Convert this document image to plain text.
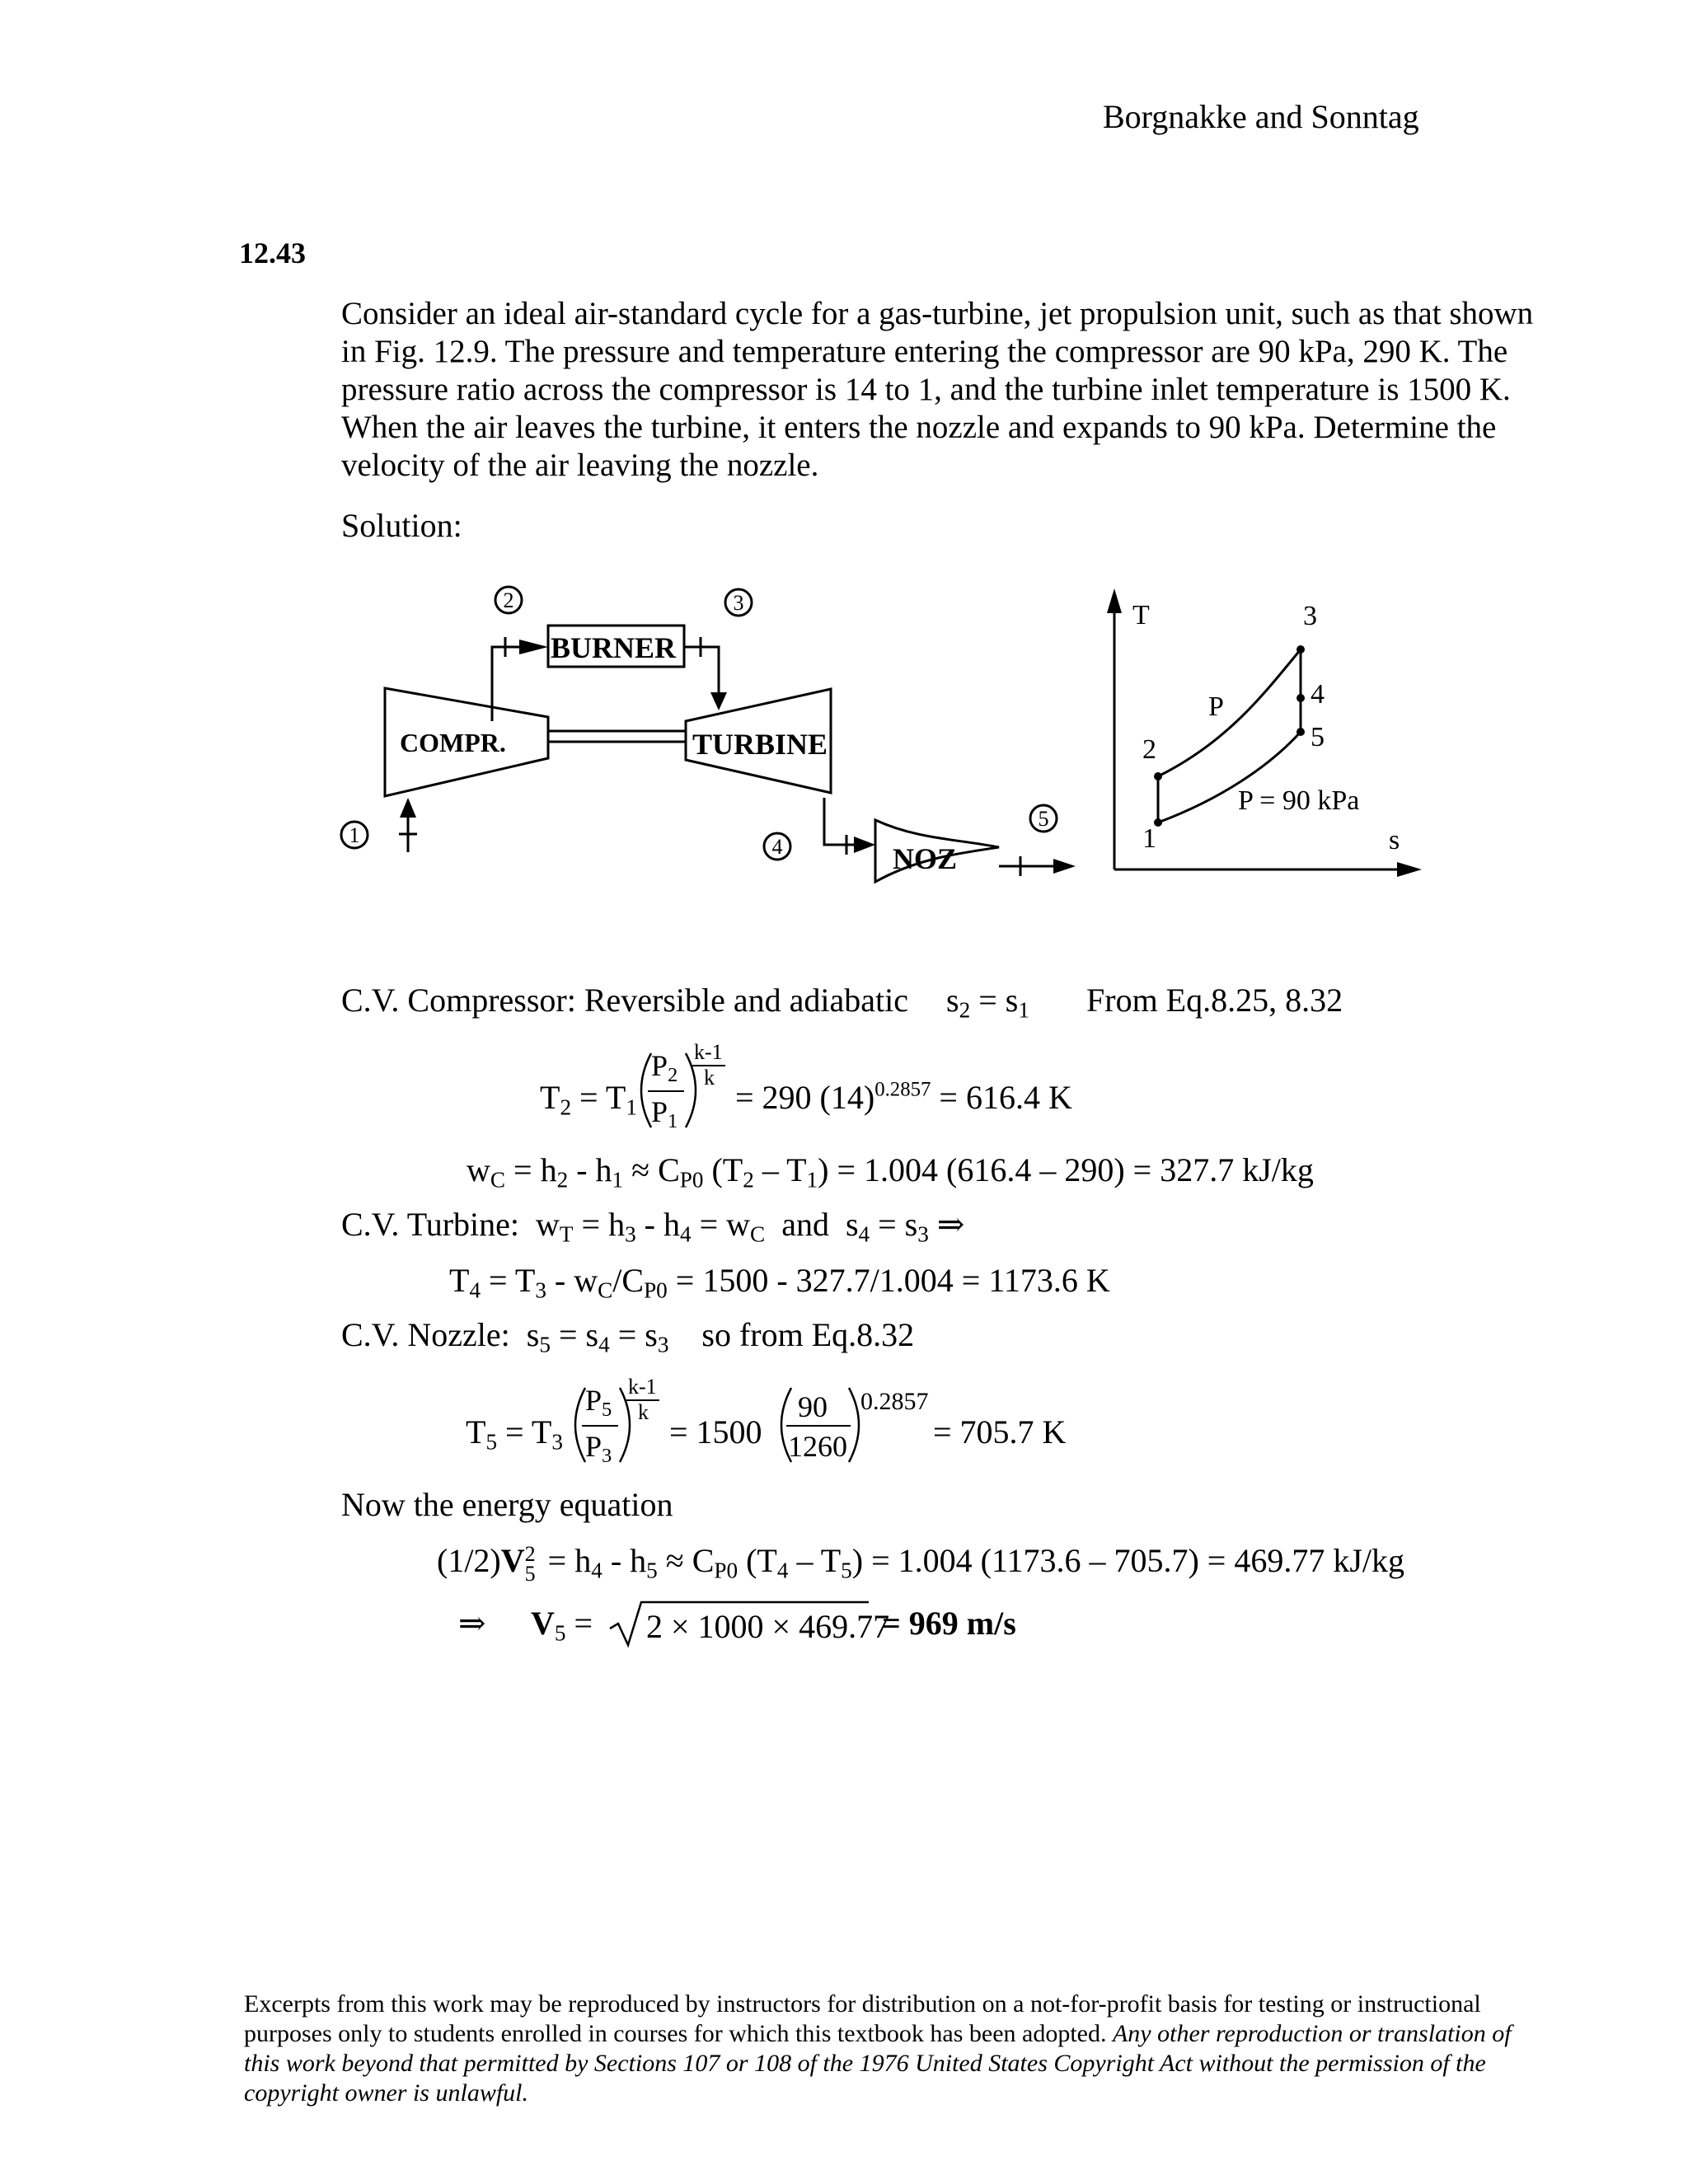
Borgnakke and Sonntag
12.43
Consider an ideal air-standard cycle for a gas-turbine, jet propulsion unit, such as that shown in Fig. 12.9. The pressure and temperature entering the compressor are 90 kPa, 290 K. The pressure ratio across the compressor is 14 to 1, and the turbine inlet temperature is 1500 K. When the air leaves the turbine, it enters the nozzle and expands to 90 kPa. Determine the velocity of the air leaving the nozzle.
Solution:
BURNER
COMPR.	TURBINE
NOZ
2	3
1	4
5
T
s
P
P = 90 kPa
1
2
3
4
5
C.V. Compressor: Reversible and adiabatic $s_2 = s_1$ From Eq.8.25, 8.32
$T_2 = T_1$
$P_2$
$P_1$
k-1
k
= 290 $(14)^{0.2857} = 616.4$ K
$w_C = h_2 - h_1 \approx C_{P0}$ $(T_2 - T_1) = 1.004$ (616.4 – 290) = 327.7 kJ/kg
C.V. Turbine: $w_T = h_3 - h_4 = w_C$  and  $s_4 = s_3$ ⇒
$T_4 = T_3 - w_C/C_{P0} = 1500 - 327.7/1.004 = 1173.6$ K
C.V. Nozzle: $s_5 = s_4 = s_3$ so from Eq.8.32
$T_5 = T_3$
$P_5$
$P_3$
k-1
k
= 1500
90
1260
0.2857
= 705.7 K
Now the energy equation
(1/2)V 2
$5 = h_4 - h_5 \approx C_{P0}$ $(T_4 - T_5) = 1.004$ (1173.6 – 705.7) = 469.77 kJ/kg
⇒ $V_5 = 2 \times 1000 \times 469.77$
= 969 m/s
Excerpts from this work may be reproduced by instructors for distribution on a not-for-profit basis for testing or instructional purposes only to students enrolled in courses for which this textbook has been adopted. Any other reproduction or translation of this work beyond that permitted by Sections 107 or 108 of the 1976 United States Copyright Act without the permission of the copyright owner is unlawful.
